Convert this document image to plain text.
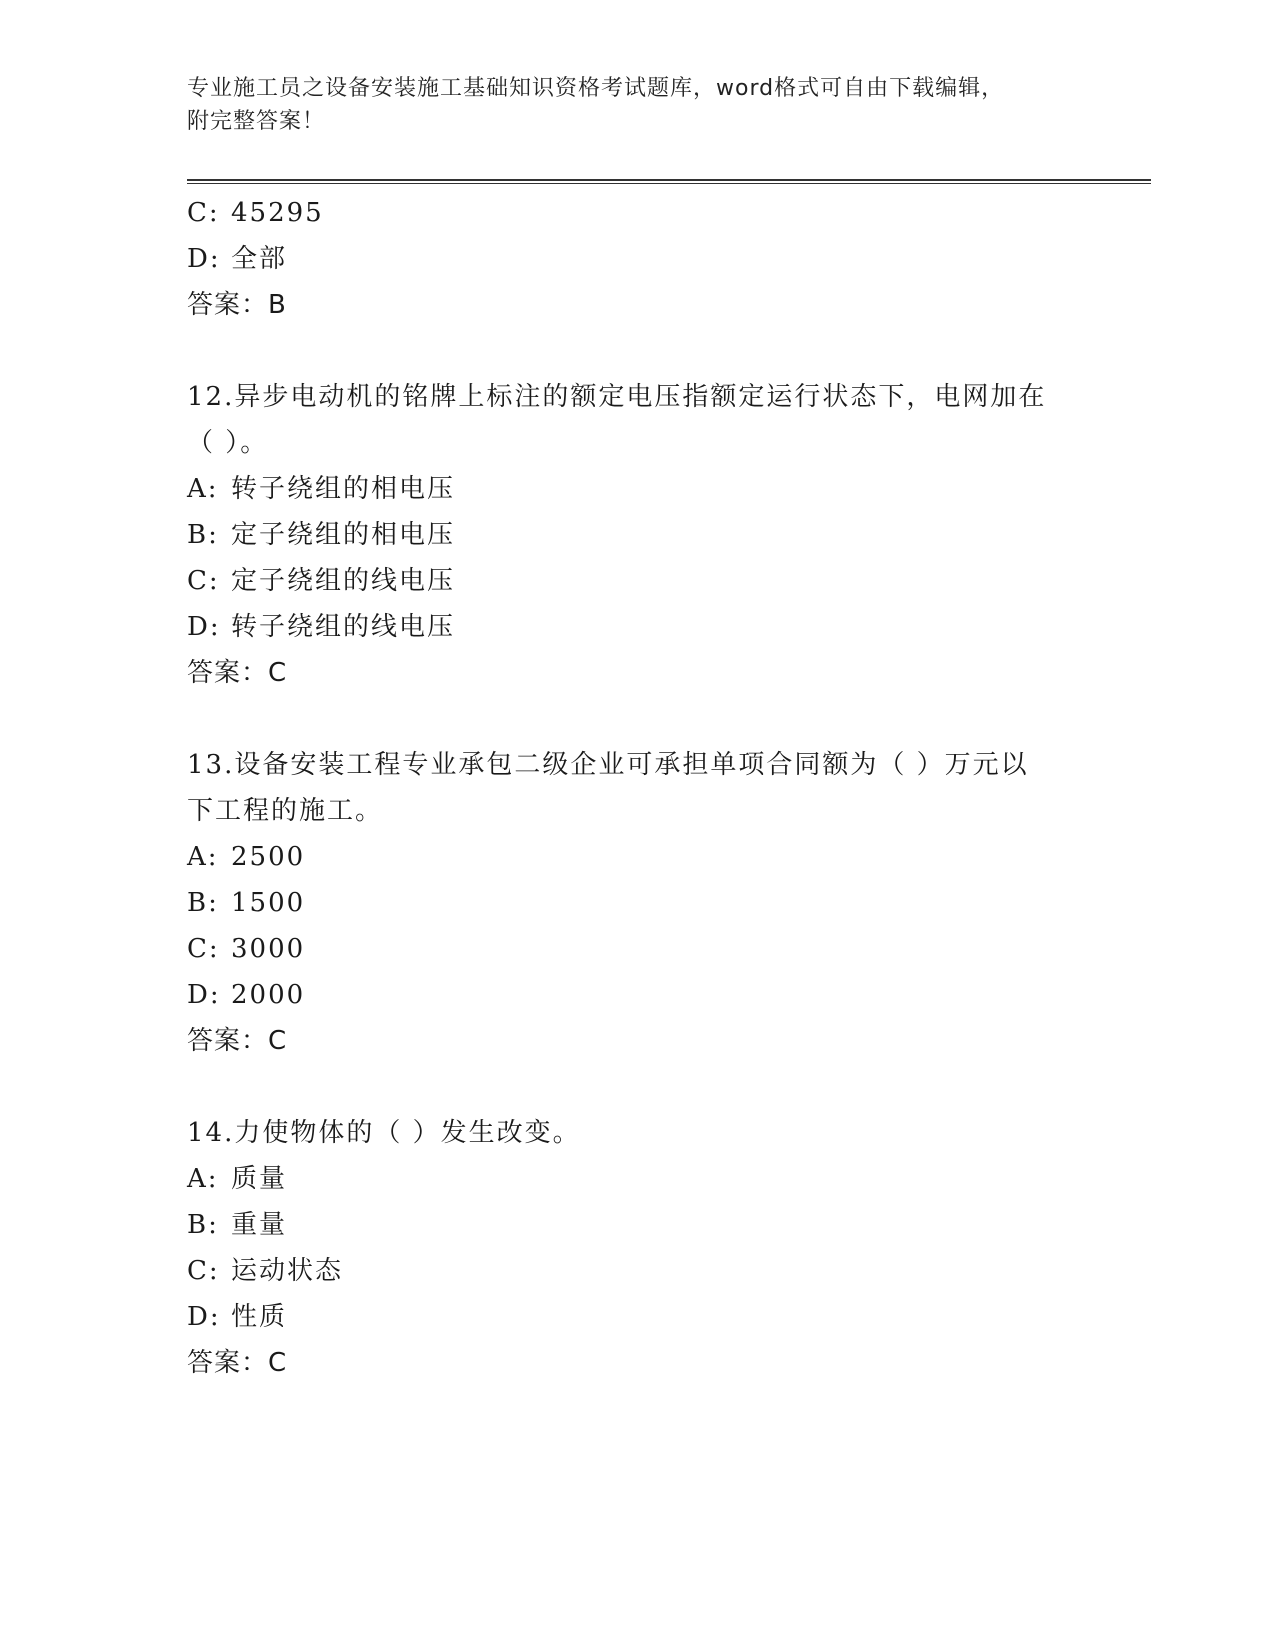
专业施工员之设备安装施工基础知识资格考试题库，word格式可自由下载编辑，
附完整答案！
C: 45295
D: 全部
答案：B
12.异步电动机的铭牌上标注的额定电压指额定运行状态下，电网加在
（ ）。
A: 转子绕组的相电压
B: 定子绕组的相电压
C: 定子绕组的线电压
D: 转子绕组的线电压
答案：C
13.设备安装工程专业承包二级企业可承担单项合同额为（ ）万元以
下工程的施工。
A: 2500
B: 1500
C: 3000
D: 2000
答案：C
14.力使物体的（ ）发生改变。
A: 质量
B: 重量
C: 运动状态
D: 性质
答案：C
